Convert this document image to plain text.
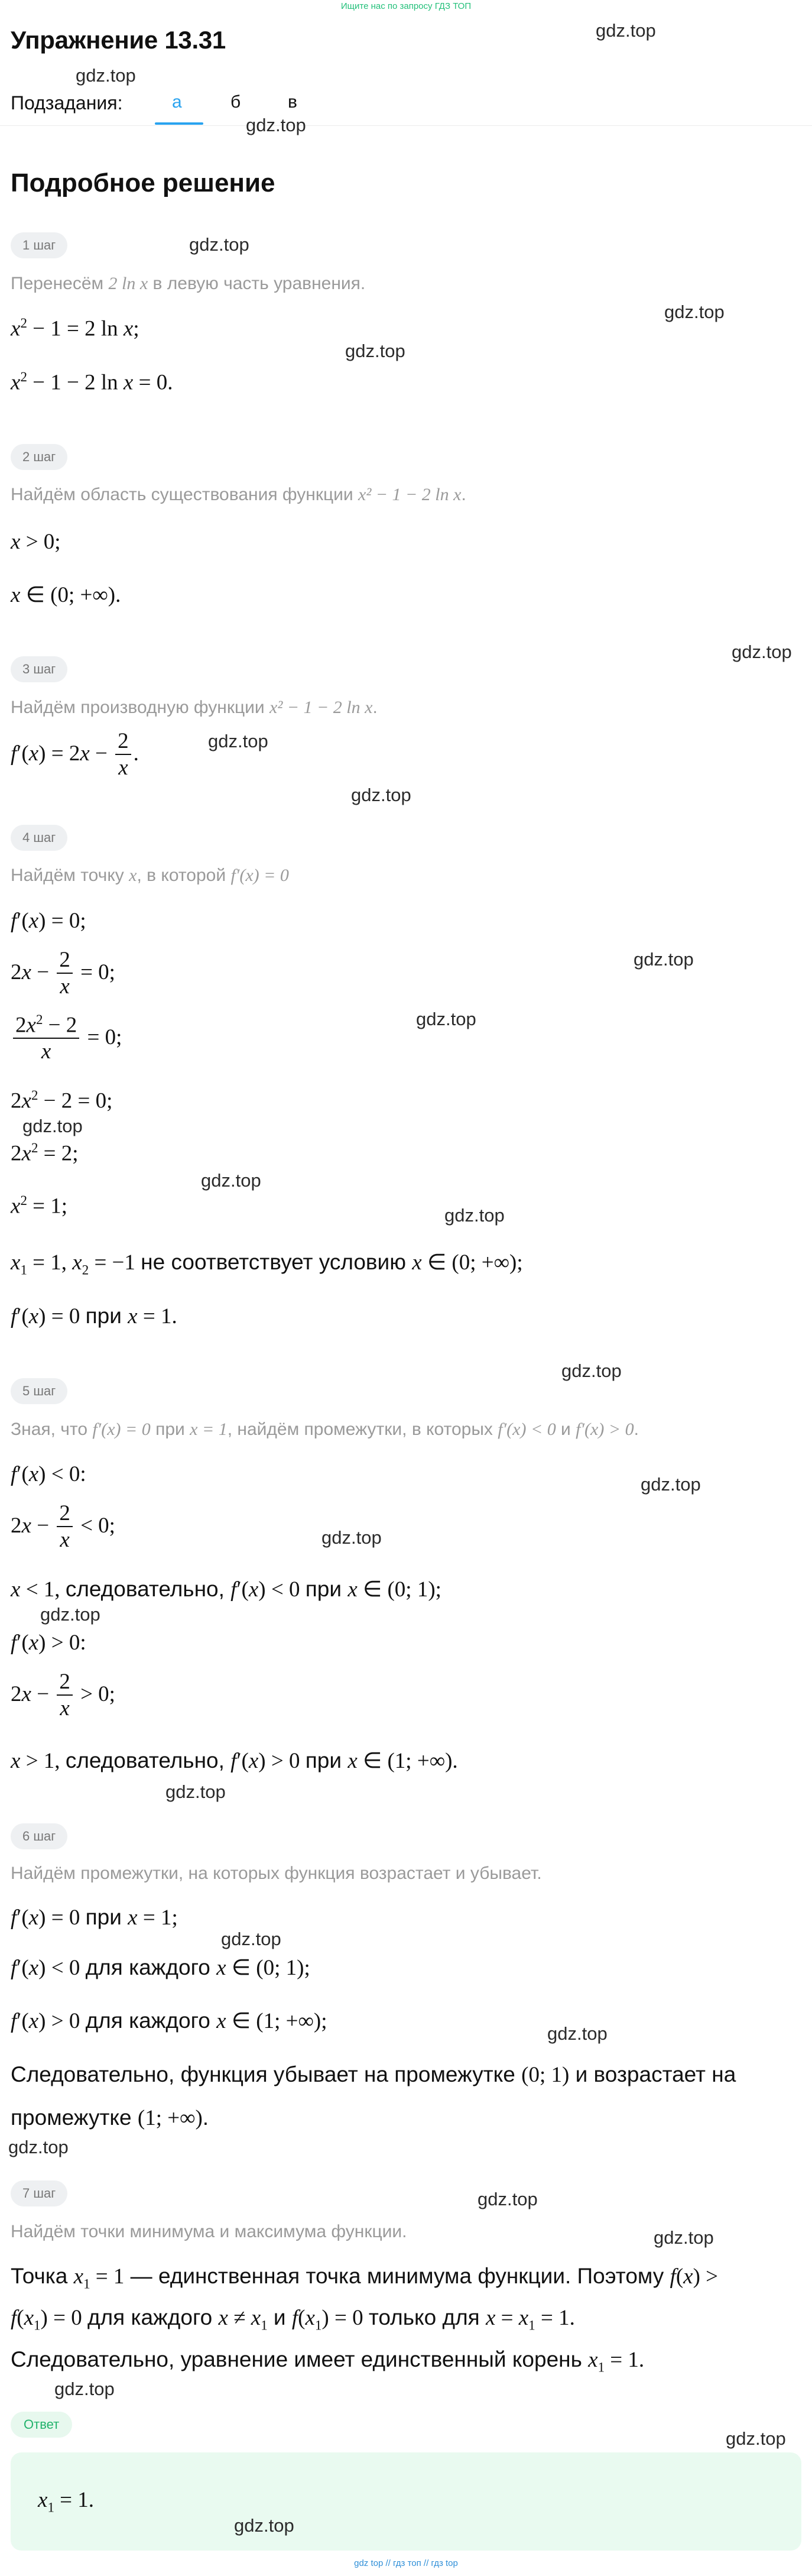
Ищите нас по запросу ГДЗ ТОП
Упражнение 13.31
Подзадания:	а	б	в
Подробное решение
1 шаг
Перенесём 2 ln x в левую часть уравнения.
$x^2 - 1 = 2$ ln x;
$x^2 - 1 - 2$ ln x = 0.
2 шаг
Найдём область существования функции x² − 1 − 2 ln x.
x > 0;
x ∈ (0; +∞).
3 шаг
Найдём производную функции x² − 1 − 2 ln x.
$f'(x) = 2x - \frac{2}{x}$ .
4 шаг
Найдём точку x, в которой f′(x) = 0
f′(x) = 0;
$2x - \frac{2}{x} = 0$;
$\frac{2x^2 - 2}{x} = 0$;
$2x^2 - 2 = 0$;
$2x^2 = 2$;
$x^2 = 1$;
$x_1 = 1$, $x_2 = -1$ не соответствует условию x ∈ (0; +∞);
f′(x) = 0 при x = 1.
5 шаг
Зная, что f′(x) = 0 при x = 1, найдём промежутки, в которых f′(x) < 0 и f′(x) > 0.
f′(x) < 0:
$2x - \frac{2}{x} < 0$;
x < 1, следовательно, f′(x) < 0 при x ∈ (0; 1);
f′(x) > 0:
$2x - \frac{2}{x} > 0$;
x > 1, следовательно, f′(x) > 0 при x ∈ (1; +∞).
6 шаг
Найдём промежутки, на которых функция возрастает и убывает.
f′(x) = 0 при x = 1;
f′(x) < 0 для каждого x ∈ (0; 1);
f′(x) > 0 для каждого x ∈ (1; +∞);
Следовательно, функция убывает на промежутке (0; 1) и возрастает на
промежутке (1; +∞).
7 шаг
Найдём точки минимума и максимума функции.
Точка $x_1 = 1$ — единственная точка минимума функции. Поэтому f(x) >
$f(x_1) = 0$ для каждого $x \ne x_1$ и $f(x_1) = 0$ только для $x = x_1 = 1$.
Следовательно, уравнение имеет единственный корень $x_1 = 1$.
Ответ
$x_1 = 1$.
gdz.top
gdz.top
gdz.top
gdz.top
gdz.top
gdz.top
gdz.top
gdz.top
gdz.top
gdz.top
gdz.top
gdz.top
gdz.top
gdz.top
gdz.top
gdz.top
gdz.top
gdz.top
gdz.top
gdz.top
gdz.top
gdz.top
gdz.top
gdz.top
gdz.top
gdz.top
gdz.top
gdz top // гдз топ // гдз top
